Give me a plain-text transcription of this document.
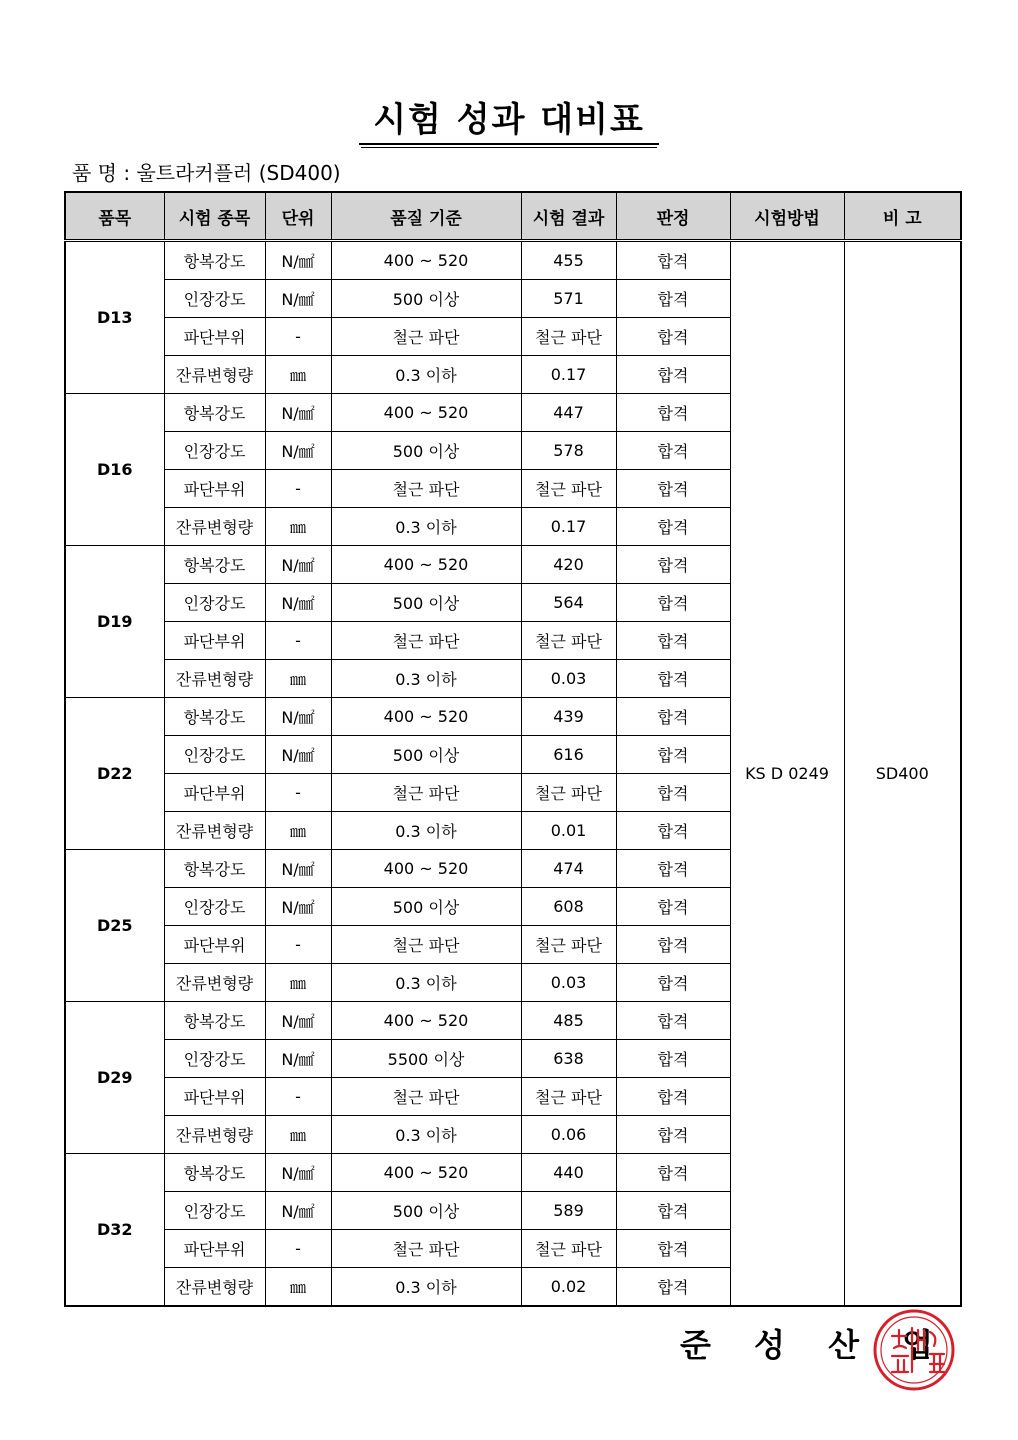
시험 성과 대비표
품 명 : 울트라커플러 (SD400)
품목	시험 종목	단위	품질 기준	시험 결과	판정	시험방법	비 고
D13	항복강도	N/㎟	400 ~ 520	455	합격	KS D 0249	SD400
	인장강도	N/㎟	500 이상	571	합격		
	파단부위	-	철근 파단	철근 파단	합격		
	잔류변형량	㎜	0.3 이하	0.17	합격		
D16	항복강도	N/㎟	400 ~ 520	447	합격		
	인장강도	N/㎟	500 이상	578	합격		
	파단부위	-	철근 파단	철근 파단	합격		
	잔류변형량	㎜	0.3 이하	0.17	합격		
D19	항복강도	N/㎟	400 ~ 520	420	합격		
	인장강도	N/㎟	500 이상	564	합격		
	파단부위	-	철근 파단	철근 파단	합격		
	잔류변형량	㎜	0.3 이하	0.03	합격		
D22	항복강도	N/㎟	400 ~ 520	439	합격		
	인장강도	N/㎟	500 이상	616	합격		
	파단부위	-	철근 파단	철근 파단	합격		
	잔류변형량	㎜	0.3 이하	0.01	합격		
D25	항복강도	N/㎟	400 ~ 520	474	합격		
	인장강도	N/㎟	500 이상	608	합격		
	파단부위	-	철근 파단	철근 파단	합격		
	잔류변형량	㎜	0.3 이하	0.03	합격		
D29	항복강도	N/㎟	400 ~ 520	485	합격		
	인장강도	N/㎟	5500 이상	638	합격		
	파단부위	-	철근 파단	철근 파단	합격		
	잔류변형량	㎜	0.3 이하	0.06	합격		
D32	항복강도	N/㎟	400 ~ 520	440	합격		
	인장강도	N/㎟	500 이상	589	합격		
	파단부위	-	철근 파단	철근 파단	합격		
	잔류변형량	㎜	0.3 이하	0.02	합격		
준 성 산 업
